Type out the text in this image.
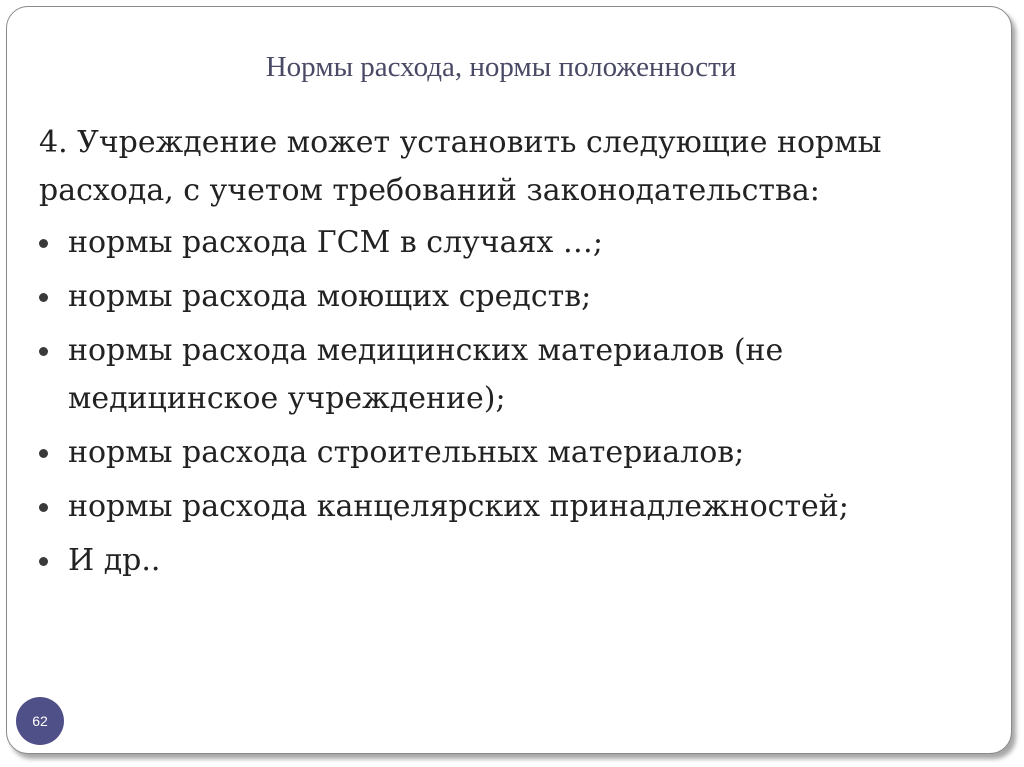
Нормы расхода, нормы положенности
4. Учреждение может установить следующие нормы расхода, с учетом требований законодательства:
нормы расхода ГСМ в случаях …;
нормы расхода моющих средств;
нормы расхода медицинских материалов (не медицинское учреждение);
нормы расхода строительных материалов;
нормы расхода канцелярских принадлежностей;
И др..
62
